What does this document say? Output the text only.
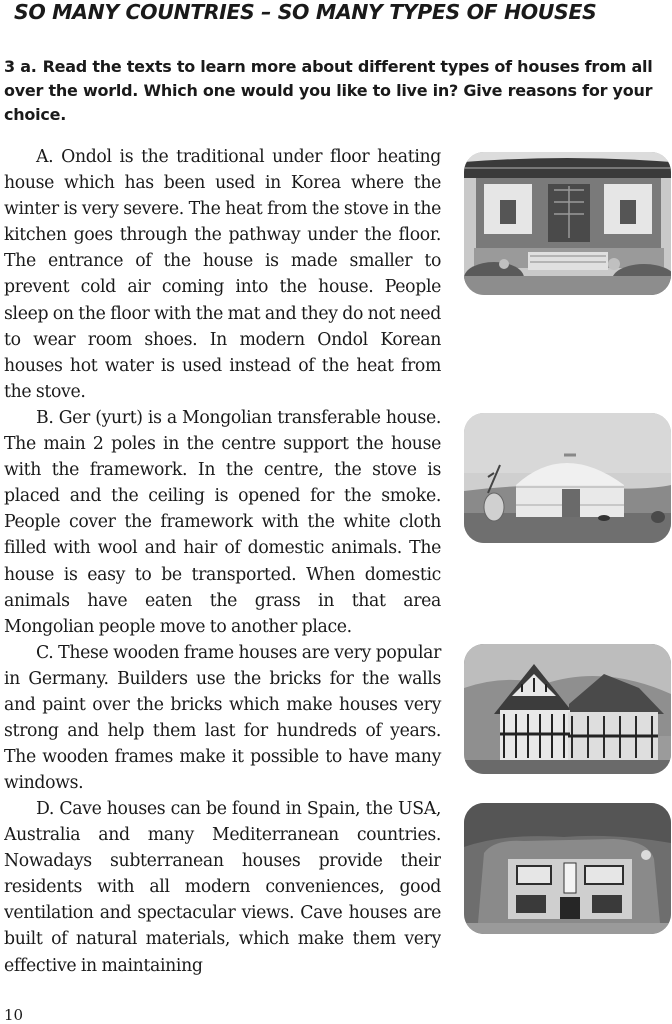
SO MANY COUNTRIES – SO MANY TYPES OF HOUSES
3 a. Read the texts to learn more about different types of houses from all over the world. Which one would you like to live in? Give reasons for your choice.
A. Ondol is the traditional under floor heating house which has been used in Korea where the winter is very severe. The heat from the stove in the kitchen goes through the pathway under the floor. The entrance of the house is made smaller to prevent cold air coming into the house. People sleep on the floor with the mat and they do not need to wear room shoes. In modern Ondol Korean houses hot water is used instead of the heat from the stove.
B. Ger (yurt) is a Mongolian transferable house. The main 2 poles in the centre support the house with the framework. In the centre, the stove is placed and the ceiling is opened for the smoke. People cover the framework with the white cloth filled with wool and hair of domestic animals. The house is easy to be transported. When domestic animals have eaten the grass in that area Mongolian people move to another place.
C. These wooden frame houses are very popular in Germany. Builders use the bricks for the walls and paint over the bricks which make houses very strong and help them last for hundreds of years. The wooden frames make it possible to have many windows.
D. Cave houses can be found in Spain, the USA, Australia and many Mediterranean countries. Nowadays subterranean houses provide their residents with all modern conveniences, good ventilation and spectacular views. Cave houses are built of natural materials, which make them very effective in maintaining
10
